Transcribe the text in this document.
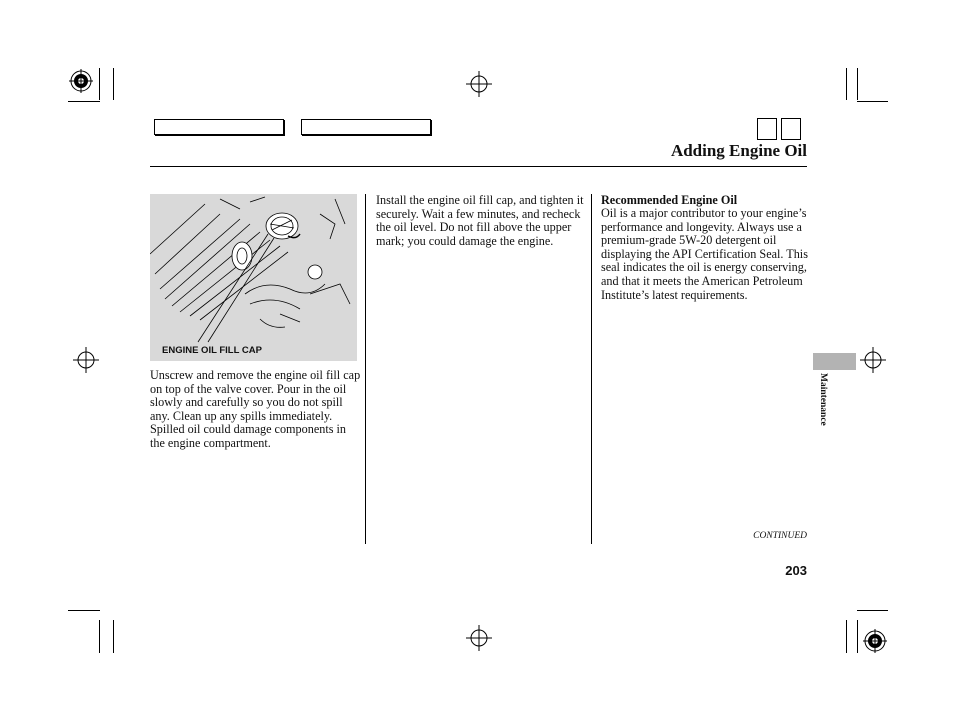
Adding Engine Oil
ENGINE OIL FILL CAP
Unscrew and remove the engine oil fill cap on top of the valve cover. Pour in the oil slowly and carefully so you do not spill any. Clean up any spills immediately. Spilled oil could damage components in the engine compartment.
Install the engine oil fill cap, and tighten it securely. Wait a few minutes, and recheck the oil level. Do not fill above the upper mark; you could damage the engine.
Recommended Engine Oil
Oil is a major contributor to your engine’s performance and longevity. Always use a premium-grade 5W-20 detergent oil displaying the API Certification Seal. This seal indicates the oil is energy conserving, and that it meets the American Petroleum Institute’s latest requirements.
Maintenance
CONTINUED
203
